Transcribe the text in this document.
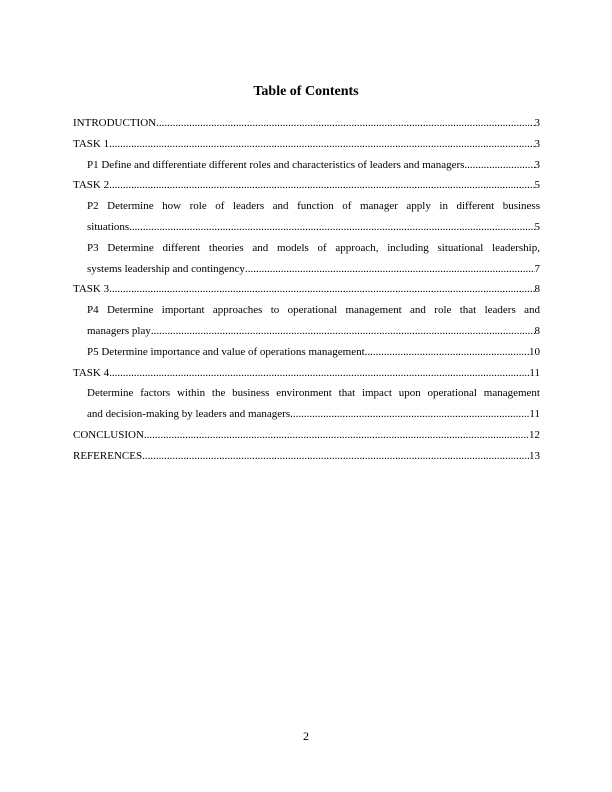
Table of Contents
INTRODUCTION .....	3
TASK 1 .....	3
P1 Define and differentiate different roles and characteristics of leaders and managers .....	3
TASK 2 .....	5
P2 Determine how role of leaders and function of manager apply in different business
situations .....	5
P3 Determine different theories and models of approach, including situational leadership,
systems leadership and contingency .....	7
TASK 3 .....	8
P4 Determine important approaches to operational management and role that leaders and
managers play .....	8
P5 Determine importance and value of operations management .....	10
TASK 4 .....	11
Determine factors within the business environment that impact upon operational management
and decision-making by leaders and managers .....	11
CONCLUSION .....	12
REFERENCES .....	13
2
